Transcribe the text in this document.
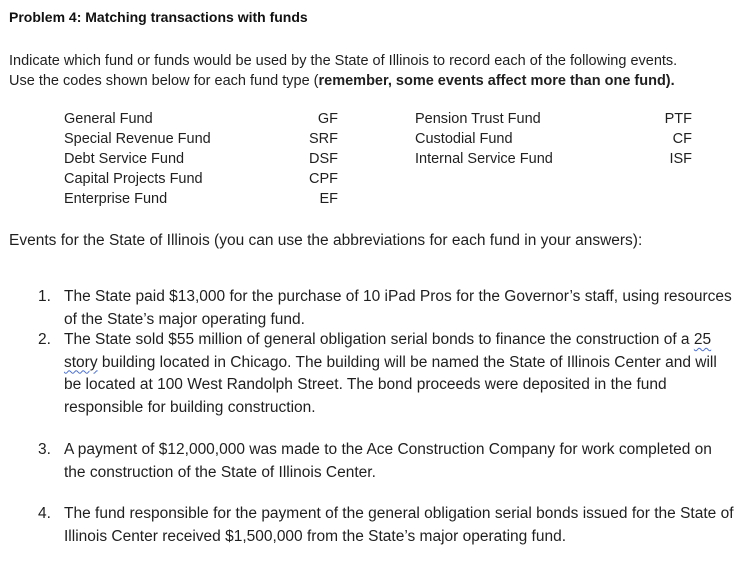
Problem 4: Matching transactions with funds
Indicate which fund or funds would be used by the State of Illinois to record each of the following events.
Use the codes shown below for each fund type (remember, some events affect more than one fund).
General Fund
Special Revenue Fund
Debt Service Fund
Capital Projects Fund
Enterprise Fund
GF
SRF
DSF
CPF
EF
Pension Trust Fund
Custodial Fund
Internal Service Fund
PTF
CF
ISF
Events for the State of Illinois (you can use the abbreviations for each fund in your answers):
1. The State paid $13,000 for the purchase of 10 iPad Pros for the Governor’s staff, using resources of the State’s major operating fund.
2. The State sold $55 million of general obligation serial bonds to finance the construction of a 25 story building located in Chicago. The building will be named the State of Illinois Center and will be located at 100 West Randolph Street. The bond proceeds were deposited in the fund responsible for building construction.
3. A payment of $12,000,000 was made to the Ace Construction Company for work completed on the construction of the State of Illinois Center.
4. The fund responsible for the payment of the general obligation serial bonds issued for the State of Illinois Center received $1,500,000 from the State’s major operating fund.
